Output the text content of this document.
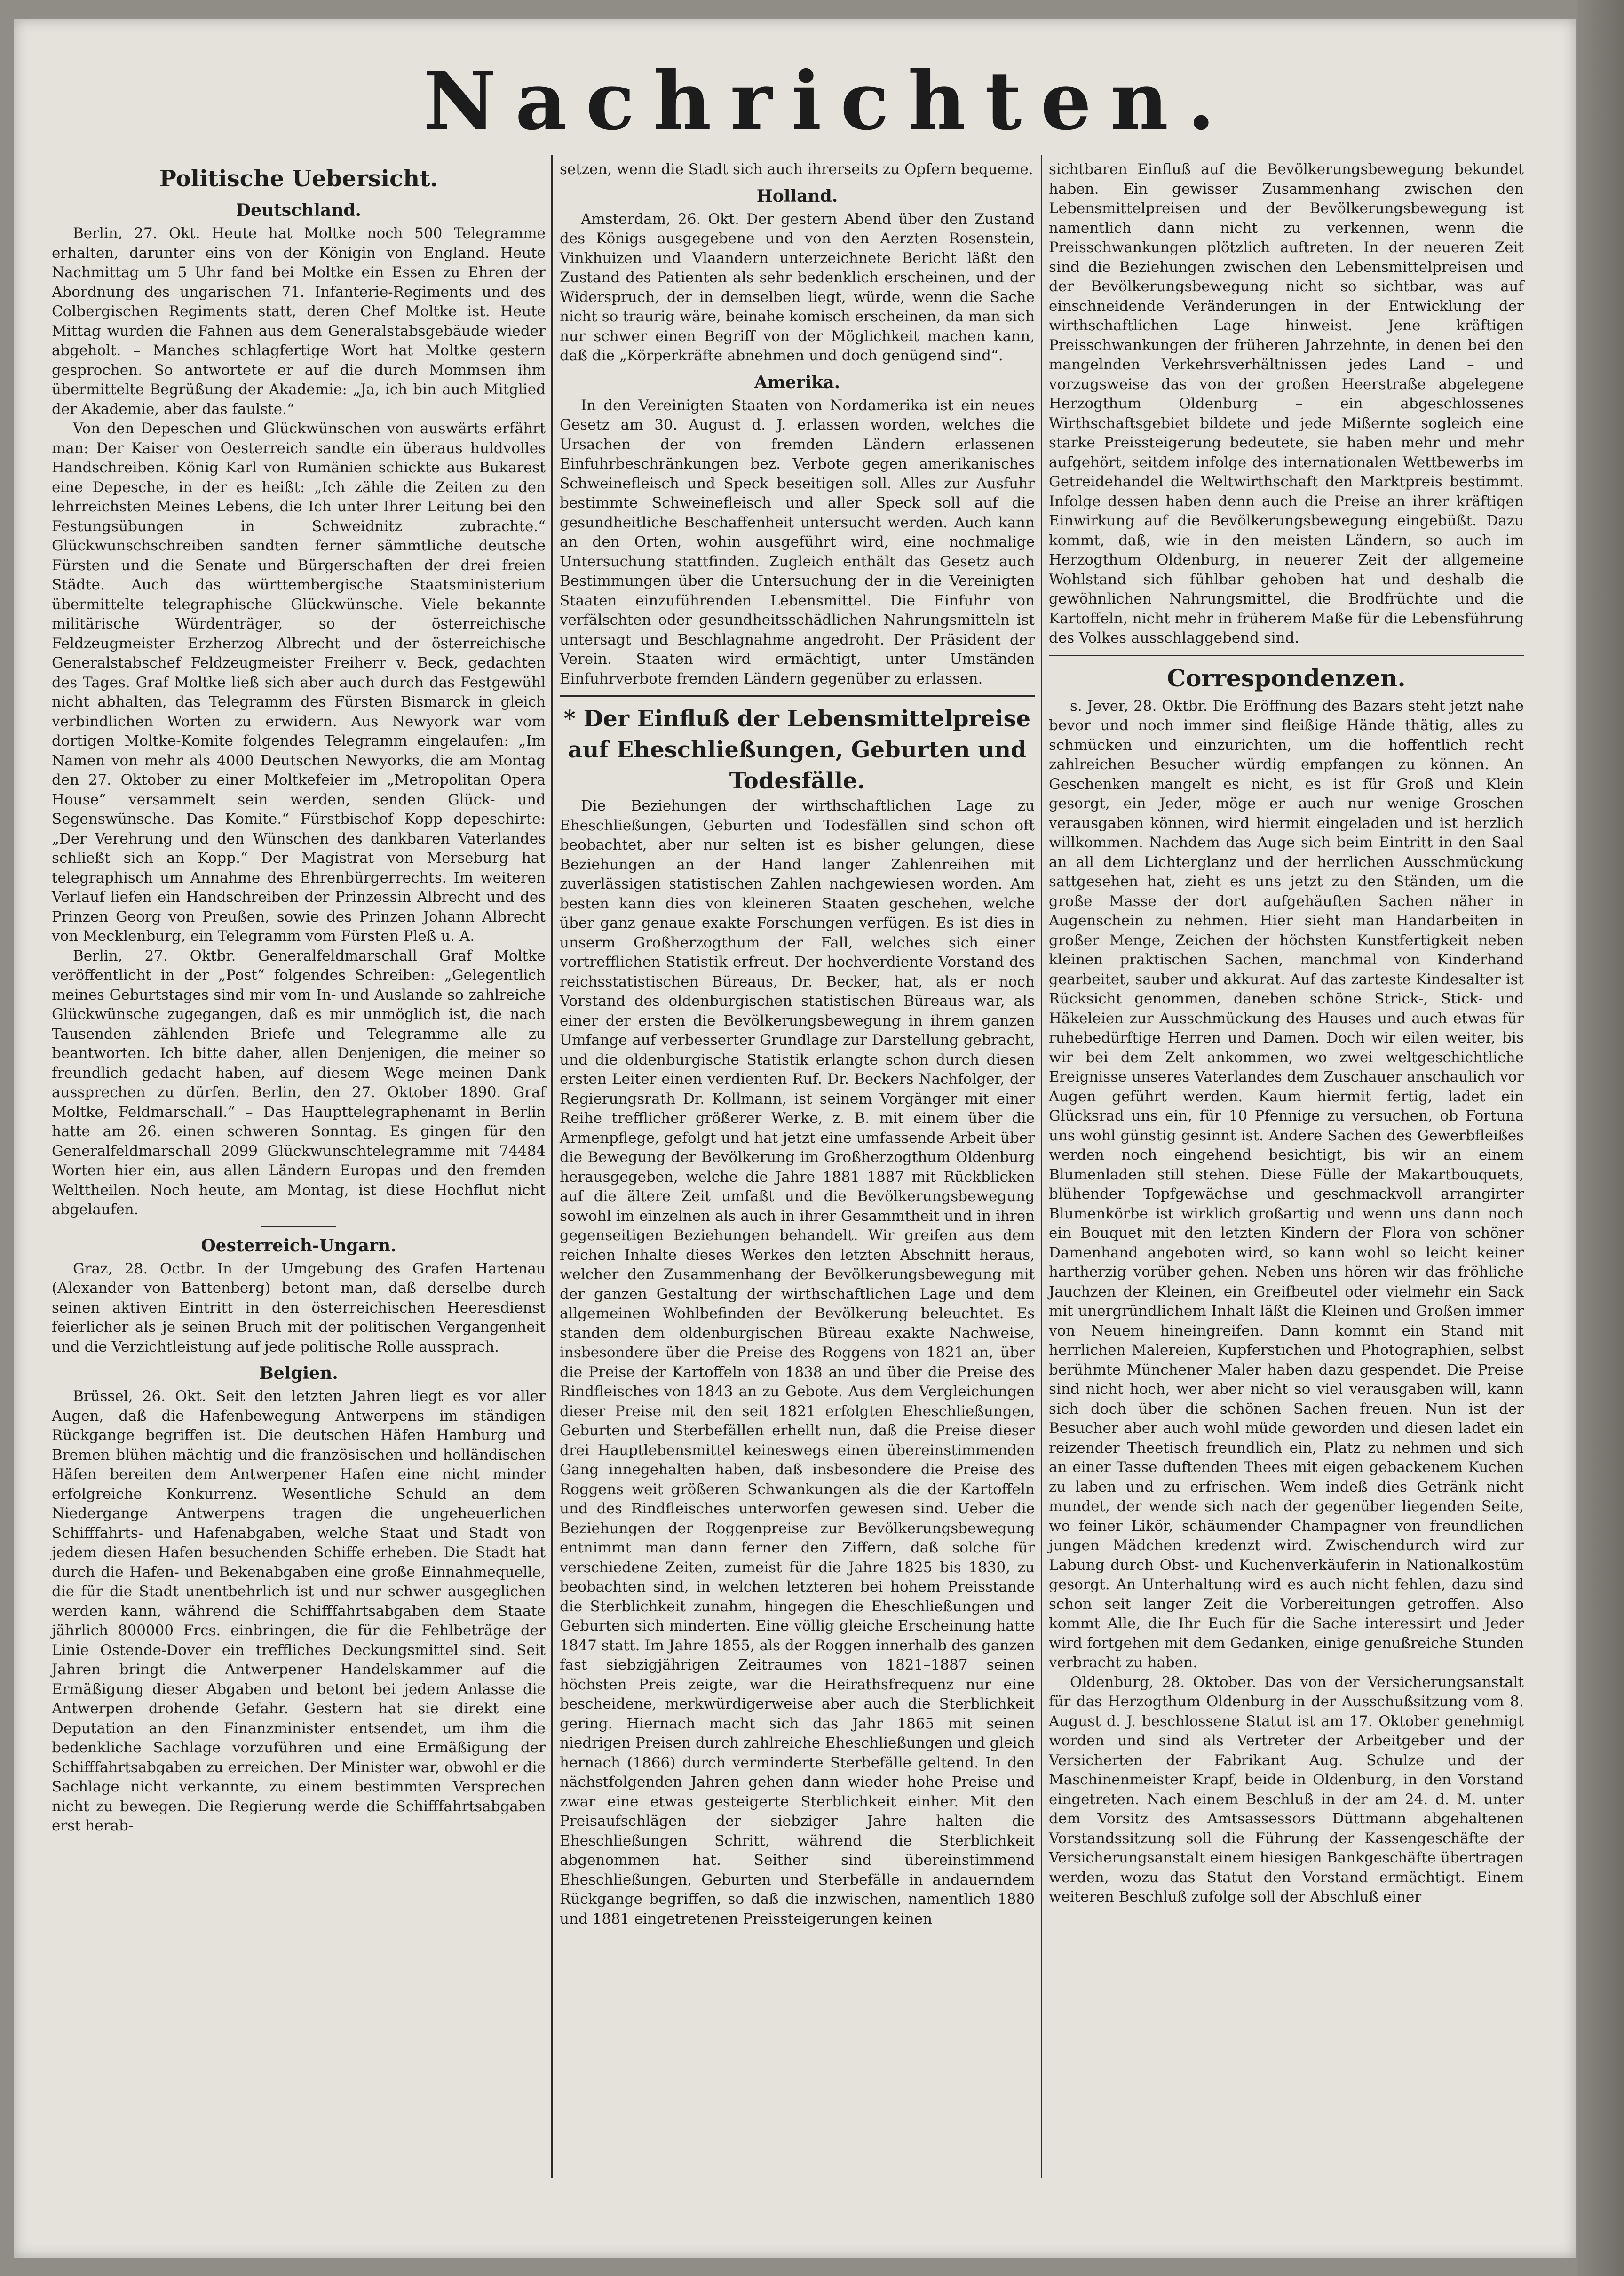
Nachrichten.
Politische Uebersicht.
Deutschland.

Berlin, 27. Okt. Heute hat Moltke noch 500 Telegramme erhalten, darunter eins von der Königin von England. Heute Nachmittag um 5 Uhr fand bei Moltke ein Essen zu Ehren der Abordnung des ungarischen 71. Infanterie-Regiments und des Colbergischen Regiments statt, deren Chef Moltke ist. Heute Mittag wurden die Fahnen aus dem Generalstabsgebäude wieder abgeholt. – Manches schlagfertige Wort hat Moltke gestern gesprochen. So antwortete er auf die durch Mommsen ihm übermittelte Begrüßung der Akademie: „Ja, ich bin auch Mitglied der Akademie, aber das faulste.“

Von den Depeschen und Glückwünschen von auswärts erfährt man: Der Kaiser von Oesterreich sandte ein überaus huldvolles Handschreiben. König Karl von Rumänien schickte aus Bukarest eine Depesche, in der es heißt: „Ich zähle die Zeiten zu den lehrreichsten Meines Lebens, die Ich unter Ihrer Leitung bei den Festungsübungen in Schweidnitz zubrachte.“ Glückwunschschreiben sandten ferner sämmtliche deutsche Fürsten und die Senate und Bürgerschaften der drei freien Städte. Auch das württembergische Staatsministerium übermittelte telegraphische Glückwünsche. Viele bekannte militärische Würdenträger, so der österreichische Feldzeugmeister Erzherzog Albrecht und der österreichische Generalstabschef Feldzeugmeister Freiherr v. Beck, gedachten des Tages. Graf Moltke ließ sich aber auch durch das Festgewühl nicht abhalten, das Telegramm des Fürsten Bismarck in gleich verbindlichen Worten zu erwidern. Aus Newyork war vom dortigen Moltke-Komite folgendes Telegramm eingelaufen: „Im Namen von mehr als 4000 Deutschen Newyorks, die am Montag den 27. Oktober zu einer Moltkefeier im „Metropolitan Opera House“ versammelt sein werden, senden Glück- und Segenswünsche. Das Komite.“ Fürstbischof Kopp depeschirte: „Der Verehrung und den Wünschen des dankbaren Vaterlandes schließt sich an Kopp.“ Der Magistrat von Merseburg hat telegraphisch um Annahme des Ehrenbürgerrechts. Im weiteren Verlauf liefen ein Handschreiben der Prinzessin Albrecht und des Prinzen Georg von Preußen, sowie des Prinzen Johann Albrecht von Mecklenburg, ein Telegramm vom Fürsten Pleß u. A.

Berlin, 27. Oktbr. Generalfeldmarschall Graf Moltke veröffentlicht in der „Post“ folgendes Schreiben: „Gelegentlich meines Geburtstages sind mir vom In- und Auslande so zahlreiche Glückwünsche zugegangen, daß es mir unmöglich ist, die nach Tausenden zählenden Briefe und Telegramme alle zu beantworten. Ich bitte daher, allen Denjenigen, die meiner so freundlich gedacht haben, auf diesem Wege meinen Dank aussprechen zu dürfen. Berlin, den 27. Oktober 1890. Graf Moltke, Feldmarschall.“ – Das Haupttelegraphenamt in Berlin hatte am 26. einen schweren Sonntag. Es gingen für den Generalfeldmarschall 2099 Glückwunschtelegramme mit 74484 Worten hier ein, aus allen Ländern Europas und den fremden Welttheilen. Noch heute, am Montag, ist diese Hochflut nicht abgelaufen.

Oesterreich-Ungarn.

Graz, 28. Octbr. In der Umgebung des Grafen Hartenau (Alexander von Battenberg) betont man, daß derselbe durch seinen aktiven Eintritt in den österreichischen Heeresdienst feierlicher als je seinen Bruch mit der politischen Vergangenheit und die Verzichtleistung auf jede politische Rolle aussprach.

Belgien.

Brüssel, 26. Okt. Seit den letzten Jahren liegt es vor aller Augen, daß die Hafenbewegung Antwerpens im ständigen Rückgange begriffen ist. Die deutschen Häfen Hamburg und Bremen blühen mächtig und die französischen und holländischen Häfen bereiten dem Antwerpener Hafen eine nicht minder erfolgreiche Konkurrenz. Wesentliche Schuld an dem Niedergange Antwerpens tragen die ungeheuerlichen Schifffahrts- und Hafenabgaben, welche Staat und Stadt von jedem diesen Hafen besuchenden Schiffe erheben. Die Stadt hat durch die Hafen- und Bekenabgaben eine große Einnahmequelle, die für die Stadt unentbehrlich ist und nur schwer ausgeglichen werden kann, während die Schifffahrtsabgaben dem Staate jährlich 800000 Frcs. einbringen, die für die Fehlbeträge der Linie Ostende-Dover ein treffliches Deckungsmittel sind. Seit Jahren bringt die Antwerpener Handelskammer auf die Ermäßigung dieser Abgaben und betont bei jedem Anlasse die Antwerpen drohende Gefahr. Gestern hat sie direkt eine Deputation an den Finanzminister entsendet, um ihm die bedenkliche Sachlage vorzuführen und eine Ermäßigung der Schifffahrtsabgaben zu erreichen. Der Minister war, obwohl er die Sachlage nicht verkannte, zu einem bestimmten Versprechen nicht zu bewegen. Die Regierung werde die Schifffahrtsabgaben erst herab-

setzen, wenn die Stadt sich auch ihrerseits zu Opfern bequeme.

Holland.

Amsterdam, 26. Okt. Der gestern Abend über den Zustand des Königs ausgegebene und von den Aerzten Rosenstein, Vinkhuizen und Vlaandern unterzeichnete Bericht läßt den Zustand des Patienten als sehr bedenklich erscheinen, und der Widerspruch, der in demselben liegt, würde, wenn die Sache nicht so traurig wäre, beinahe komisch erscheinen, da man sich nur schwer einen Begriff von der Möglichkeit machen kann, daß die „Körperkräfte abnehmen und doch genügend sind“.

Amerika.

In den Vereinigten Staaten von Nordamerika ist ein neues Gesetz am 30. August d. J. erlassen worden, welches die Ursachen der von fremden Ländern erlassenen Einfuhrbeschränkungen bez. Verbote gegen amerikanisches Schweinefleisch und Speck beseitigen soll. Alles zur Ausfuhr bestimmte Schweinefleisch und aller Speck soll auf die gesundheitliche Beschaffenheit untersucht werden. Auch kann an den Orten, wohin ausgeführt wird, eine nochmalige Untersuchung stattfinden. Zugleich enthält das Gesetz auch Bestimmungen über die Untersuchung der in die Vereinigten Staaten einzuführenden Lebensmittel. Die Einfuhr von verfälschten oder gesundheitsschädlichen Nahrungsmitteln ist untersagt und Beschlagnahme angedroht. Der Präsident der Verein. Staaten wird ermächtigt, unter Umständen Einfuhrverbote fremden Ländern gegenüber zu erlassen.

* Der Einfluß der Lebensmittelpreise auf Eheschließungen, Geburten und Todesfälle.

Die Beziehungen der wirthschaftlichen Lage zu Eheschließungen, Geburten und Todesfällen sind schon oft beobachtet, aber nur selten ist es bisher gelungen, diese Beziehungen an der Hand langer Zahlenreihen mit zuverlässigen statistischen Zahlen nachgewiesen worden. Am besten kann dies von kleineren Staaten geschehen, welche über ganz genaue exakte Forschungen verfügen. Es ist dies in unserm Großherzogthum der Fall, welches sich einer vortrefflichen Statistik erfreut. Der hochverdiente Vorstand des reichsstatistischen Büreaus, Dr. Becker, hat, als er noch Vorstand des oldenburgischen statistischen Büreaus war, als einer der ersten die Bevölkerungsbewegung in ihrem ganzen Umfange auf verbesserter Grundlage zur Darstellung gebracht, und die oldenburgische Statistik erlangte schon durch diesen ersten Leiter einen verdienten Ruf. Dr. Beckers Nachfolger, der Regierungsrath Dr. Kollmann, ist seinem Vorgänger mit einer Reihe trefflicher größerer Werke, z. B. mit einem über die Armenpflege, gefolgt und hat jetzt eine umfassende Arbeit über die Bewegung der Bevölkerung im Großherzogthum Oldenburg herausgegeben, welche die Jahre 1881–1887 mit Rückblicken auf die ältere Zeit umfaßt und die Bevölkerungsbewegung sowohl im einzelnen als auch in ihrer Gesammtheit und in ihren gegenseitigen Beziehungen behandelt. Wir greifen aus dem reichen Inhalte dieses Werkes den letzten Abschnitt heraus, welcher den Zusammenhang der Bevölkerungsbewegung mit der ganzen Gestaltung der wirthschaftlichen Lage und dem allgemeinen Wohlbefinden der Bevölkerung beleuchtet. Es standen dem oldenburgischen Büreau exakte Nachweise, insbesondere über die Preise des Roggens von 1821 an, über die Preise der Kartoffeln von 1838 an und über die Preise des Rindfleisches von 1843 an zu Gebote. Aus dem Vergleichungen dieser Preise mit den seit 1821 erfolgten Eheschließungen, Geburten und Sterbefällen erhellt nun, daß die Preise dieser drei Hauptlebensmittel keineswegs einen übereinstimmenden Gang innegehalten haben, daß insbesondere die Preise des Roggens weit größeren Schwankungen als die der Kartoffeln und des Rindfleisches unterworfen gewesen sind. Ueber die Beziehungen der Roggenpreise zur Bevölkerungsbewegung entnimmt man dann ferner den Ziffern, daß solche für verschiedene Zeiten, zumeist für die Jahre 1825 bis 1830, zu beobachten sind, in welchen letzteren bei hohem Preisstande die Sterblichkeit zunahm, hingegen die Eheschließungen und Geburten sich minderten. Eine völlig gleiche Erscheinung hatte 1847 statt. Im Jahre 1855, als der Roggen innerhalb des ganzen fast siebzigjährigen Zeitraumes von 1821–1887 seinen höchsten Preis zeigte, war die Heirathsfrequenz nur eine bescheidene, merkwürdigerweise aber auch die Sterblichkeit gering. Hiernach macht sich das Jahr 1865 mit seinen niedrigen Preisen durch zahlreiche Eheschließungen und gleich hernach (1866) durch verminderte Sterbefälle geltend. In den nächstfolgenden Jahren gehen dann wieder hohe Preise und zwar eine etwas gesteigerte Sterblichkeit einher. Mit den Preisaufschlägen der siebziger Jahre halten die Eheschließungen Schritt, während die Sterblichkeit abgenommen hat. Seither sind übereinstimmend Eheschließungen, Geburten und Sterbefälle in andauerndem Rückgange begriffen, so daß die inzwischen, namentlich 1880 und 1881 eingetretenen Preissteigerungen keinen

sichtbaren Einfluß auf die Bevölkerungsbewegung bekundet haben. Ein gewisser Zusammenhang zwischen den Lebensmittelpreisen und der Bevölkerungsbewegung ist namentlich dann nicht zu verkennen, wenn die Preisschwankungen plötzlich auftreten. In der neueren Zeit sind die Beziehungen zwischen den Lebensmittelpreisen und der Bevölkerungsbewegung nicht so sichtbar, was auf einschneidende Veränderungen in der Entwicklung der wirthschaftlichen Lage hinweist. Jene kräftigen Preisschwankungen der früheren Jahrzehnte, in denen bei den mangelnden Verkehrsverhältnissen jedes Land – und vorzugsweise das von der großen Heerstraße abgelegene Herzogthum Oldenburg – ein abgeschlossenes Wirthschaftsgebiet bildete und jede Mißernte sogleich eine starke Preissteigerung bedeutete, sie haben mehr und mehr aufgehört, seitdem infolge des internationalen Wettbewerbs im Getreidehandel die Weltwirthschaft den Marktpreis bestimmt. Infolge dessen haben denn auch die Preise an ihrer kräftigen Einwirkung auf die Bevölkerungsbewegung eingebüßt. Dazu kommt, daß, wie in den meisten Ländern, so auch im Herzogthum Oldenburg, in neuerer Zeit der allgemeine Wohlstand sich fühlbar gehoben hat und deshalb die gewöhnlichen Nahrungsmittel, die Brodfrüchte und die Kartoffeln, nicht mehr in früherem Maße für die Lebensführung des Volkes ausschlaggebend sind.

Correspondenzen.

s. Jever, 28. Oktbr. Die Eröffnung des Bazars steht jetzt nahe bevor und noch immer sind fleißige Hände thätig, alles zu schmücken und einzurichten, um die hoffentlich recht zahlreichen Besucher würdig empfangen zu können. An Geschenken mangelt es nicht, es ist für Groß und Klein gesorgt, ein Jeder, möge er auch nur wenige Groschen verausgaben können, wird hiermit eingeladen und ist herzlich willkommen. Nachdem das Auge sich beim Eintritt in den Saal an all dem Lichterglanz und der herrlichen Ausschmückung sattgesehen hat, zieht es uns jetzt zu den Ständen, um die große Masse der dort aufgehäuften Sachen näher in Augenschein zu nehmen. Hier sieht man Handarbeiten in großer Menge, Zeichen der höchsten Kunstfertigkeit neben kleinen praktischen Sachen, manchmal von Kinderhand gearbeitet, sauber und akkurat. Auf das zarteste Kindesalter ist Rücksicht genommen, daneben schöne Strick-, Stick- und Häkeleien zur Ausschmückung des Hauses und auch etwas für ruhebedürftige Herren und Damen. Doch wir eilen weiter, bis wir bei dem Zelt ankommen, wo zwei weltgeschichtliche Ereignisse unseres Vaterlandes dem Zuschauer anschaulich vor Augen geführt werden. Kaum hiermit fertig, ladet ein Glücksrad uns ein, für 10 Pfennige zu versuchen, ob Fortuna uns wohl günstig gesinnt ist. Andere Sachen des Gewerbfleißes werden noch eingehend besichtigt, bis wir an einem Blumenladen still stehen. Diese Fülle der Makartbouquets, blühender Topfgewächse und geschmackvoll arrangirter Blumenkörbe ist wirklich großartig und wenn uns dann noch ein Bouquet mit den letzten Kindern der Flora von schöner Damenhand angeboten wird, so kann wohl so leicht keiner hartherzig vorüber gehen. Neben uns hören wir das fröhliche Jauchzen der Kleinen, ein Greifbeutel oder vielmehr ein Sack mit unergründlichem Inhalt läßt die Kleinen und Großen immer von Neuem hineingreifen. Dann kommt ein Stand mit herrlichen Malereien, Kupferstichen und Photographien, selbst berühmte Münchener Maler haben dazu gespendet. Die Preise sind nicht hoch, wer aber nicht so viel verausgaben will, kann sich doch über die schönen Sachen freuen. Nun ist der Besucher aber auch wohl müde geworden und diesen ladet ein reizender Theetisch freundlich ein, Platz zu nehmen und sich an einer Tasse duftenden Thees mit eigen gebackenem Kuchen zu laben und zu erfrischen. Wem indeß dies Getränk nicht mundet, der wende sich nach der gegenüber liegenden Seite, wo feiner Likör, schäumender Champagner von freundlichen jungen Mädchen kredenzt wird. Zwischendurch wird zur Labung durch Obst- und Kuchenverkäuferin in Nationalkostüm gesorgt. An Unterhaltung wird es auch nicht fehlen, dazu sind schon seit langer Zeit die Vorbereitungen getroffen. Also kommt Alle, die Ihr Euch für die Sache interessirt und Jeder wird fortgehen mit dem Gedanken, einige genußreiche Stunden verbracht zu haben.

Oldenburg, 28. Oktober. Das von der Versicherungsanstalt für das Herzogthum Oldenburg in der Ausschußsitzung vom 8. August d. J. beschlossene Statut ist am 17. Oktober genehmigt worden und sind als Vertreter der Arbeitgeber und der Versicherten der Fabrikant Aug. Schulze und der Maschinenmeister Krapf, beide in Oldenburg, in den Vorstand eingetreten. Nach einem Beschluß in der am 24. d. M. unter dem Vorsitz des Amtsassessors Düttmann abgehaltenen Vorstandssitzung soll die Führung der Kassengeschäfte der Versicherungsanstalt einem hiesigen Bankgeschäfte übertragen werden, wozu das Statut den Vorstand ermächtigt. Einem weiteren Beschluß zufolge soll der Abschluß einer
